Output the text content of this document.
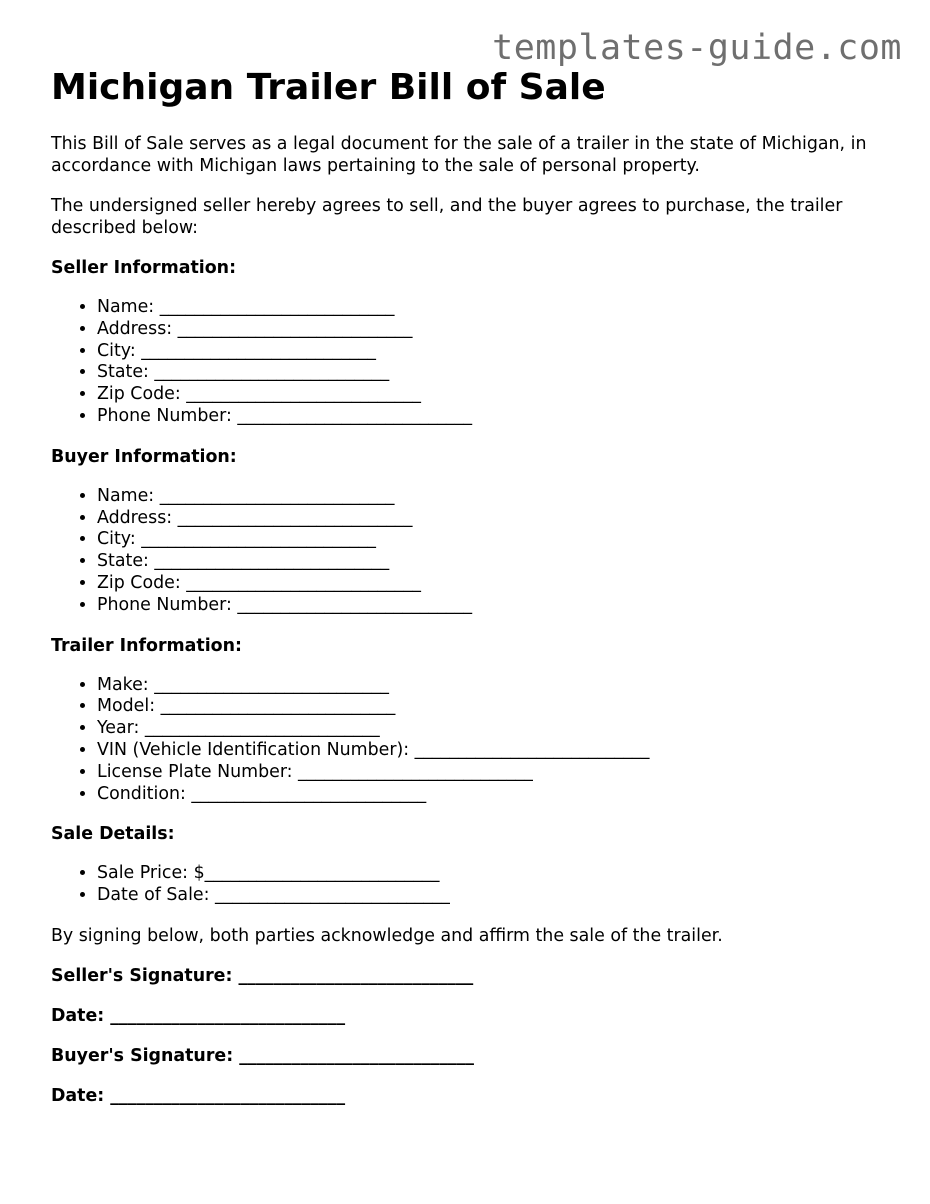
templates-guide.com
Michigan Trailer Bill of Sale

This Bill of Sale serves as a legal document for the sale of a trailer in the state of Michigan, in accordance with Michigan laws pertaining to the sale of personal property.

The undersigned seller hereby agrees to sell, and the buyer agrees to purchase, the trailer described below:

Seller Information:
• Name: ___________________________
• Address: ___________________________
• City: ___________________________
• State: ___________________________
• Zip Code: ___________________________
• Phone Number: ___________________________
Buyer Information:
• Name: ___________________________
• Address: ___________________________
• City: ___________________________
• State: ___________________________
• Zip Code: ___________________________
• Phone Number: ___________________________
Trailer Information:
• Make: ___________________________
• Model: ___________________________
• Year: ___________________________
• VIN (Vehicle Identification Number): ___________________________
• License Plate Number: ___________________________
• Condition: ___________________________
Sale Details:
• Sale Price: $___________________________
• Date of Sale: ___________________________

By signing below, both parties acknowledge and affirm the sale of the trailer.

Seller's Signature: ___________________________
Date: ___________________________
Buyer's Signature: ___________________________
Date: ___________________________
